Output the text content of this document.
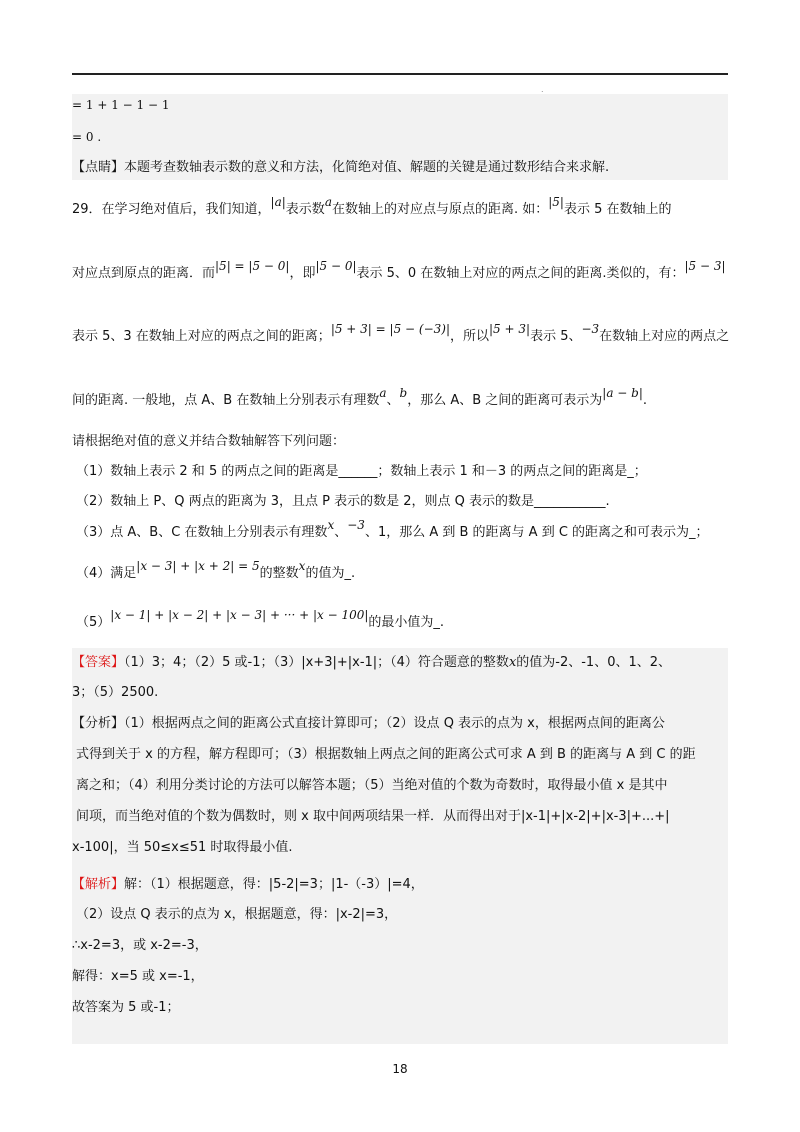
.
= 1 + 1 − 1 − 1
= 0 .
【点睛】本题考查数轴表示数的意义和方法，化简绝对值、解题的关键是通过数形结合来求解.
29．在学习绝对值后，我们知道，|a|表示数a在数轴上的对应点与原点的距离. 如：|5|表示 5 在数轴上的
对应点到原点的距离．而|5| = |5 − 0|，即|5 − 0|表示 5、0 在数轴上对应的两点之间的距离.类似的，有：|5 − 3|
表示 5、3 在数轴上对应的两点之间的距离；|5 + 3| = |5 − (−3)|，所以|5 + 3|表示 5、−3在数轴上对应的两点之
间的距离. 一般地，点 A、B 在数轴上分别表示有理数a、b，那么 A、B 之间的距离可表示为|a − b|.
请根据绝对值的意义并结合数轴解答下列问题：
（1）数轴上表示 2 和 5 的两点之间的距离是______；数轴上表示 1 和－3 的两点之间的距离是_；
（2）数轴上 P、Q 两点的距离为 3，且点 P 表示的数是 2，则点 Q 表示的数是___________.
（3）点 A、B、C 在数轴上分别表示有理数x、−3、1，那么 A 到 B 的距离与 A 到 C 的距离之和可表示为_；
（4）满足|x − 3| + |x + 2| = 5的整数x的值为_.
（5）|x − 1| + |x − 2| + |x − 3| + ··· + |x − 100|的最小值为_.
【答案】（1）3；4；（2）5 或-1；（3）|x+3|+|x-1|；（4）符合题意的整数x的值为-2、-1、0、1、2、
3；（5）2500.
【分析】（1）根据两点之间的距离公式直接计算即可；（2）设点 Q 表示的点为 x，根据两点间的距离公
式得到关于 x 的方程，解方程即可；（3）根据数轴上两点之间的距离公式可求 A 到 B 的距离与 A 到 C 的距
离之和；（4）利用分类讨论的方法可以解答本题；（5）当绝对值的个数为奇数时，取得最小值 x 是其中
间项，而当绝对值的个数为偶数时，则 x 取中间两项结果一样．从而得出对于|x-1|+|x-2|+|x-3|+...+|
x-100|，当 50≤x≤51 时取得最小值.
【解析】解：（1）根据题意，得：|5-2|=3；|1-（-3）|=4，
（2）设点 Q 表示的点为 x，根据题意，得：|x-2|=3，
∴x-2=3，或 x-2=-3，
解得：x=5 或 x=-1，
故答案为 5 或-1；
18
